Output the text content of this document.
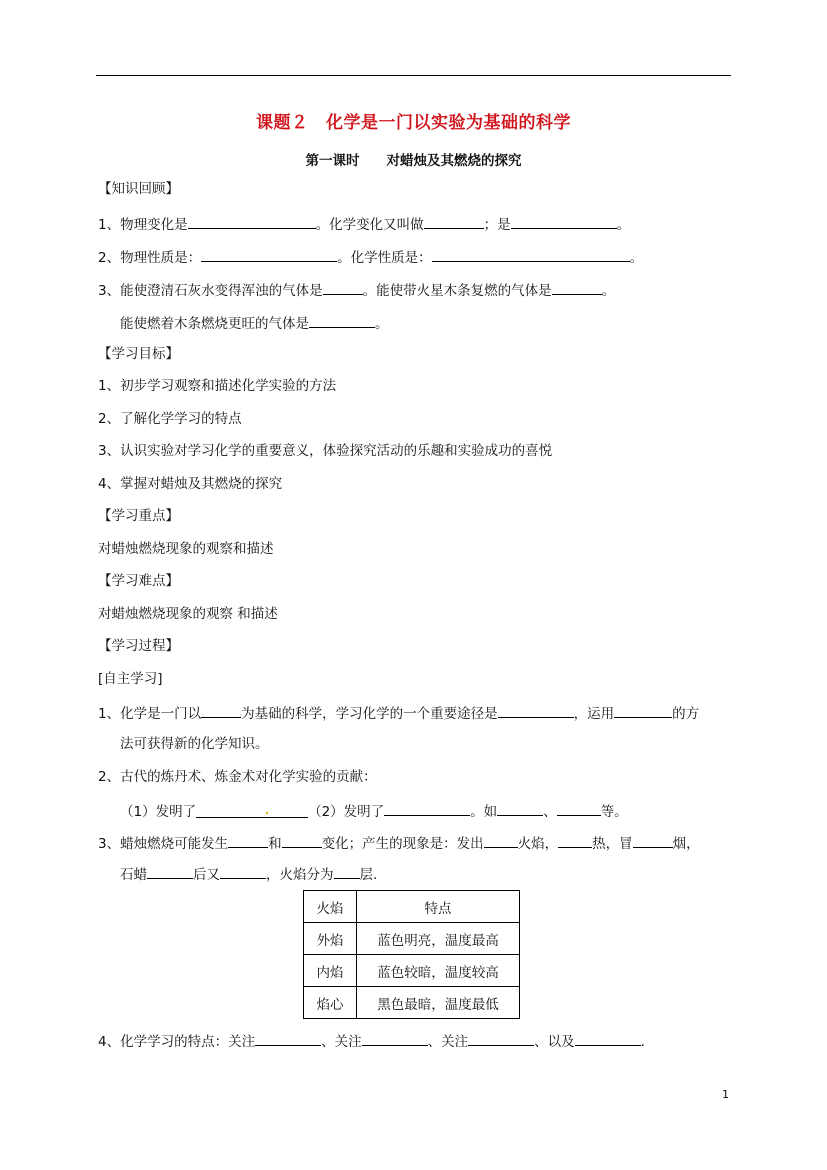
课题２　化学是一门以实验为基础的科学
第一课时　　对蜡烛及其燃烧的探究
【知识回顾】
1、物理变化是	。化学变化又叫做	；是	。
2、物理性质是：	。化学性质是：	。
3、能使澄清石灰水变得浑浊的气体是	。能使带火星木条复燃的气体是	。
能使燃着木条燃烧更旺的气体是	。
【学习目标】
1、初步学习观察和描述化学实验的方法
2、了解化学学习的特点
3、认识实验对学习化学的重要意义，体验探究活动的乐趣和实验成功的喜悦
4、掌握对蜡烛及其燃烧的探究
【学习重点】
对蜡烛燃烧现象的观察和描述
【学习难点】
对蜡烛燃烧现象的观察 和描述
【学习过程】
[自主学习]
1、化学是一门以	为基础的科学，学习化学的一个重要途径是	，运用	的方
法可获得新的化学知识。
2、古代的炼丹术、炼金术对化学实验的贡献：
（1）发明了	（2）发明了	。如	、	等。
3、蜡烛燃烧可能发生	和	变化；产生的现象是：发出	火焰，	热，冒	烟，
石蜡	后又	，火焰分为 层.
火焰	特点
外焰	蓝色明亮，温度最高
内焰	蓝色较暗，温度较高
焰心	黑色最暗，温度最低
4、化学学习的特点：关注	、关注	、关注	、以及	.
1
